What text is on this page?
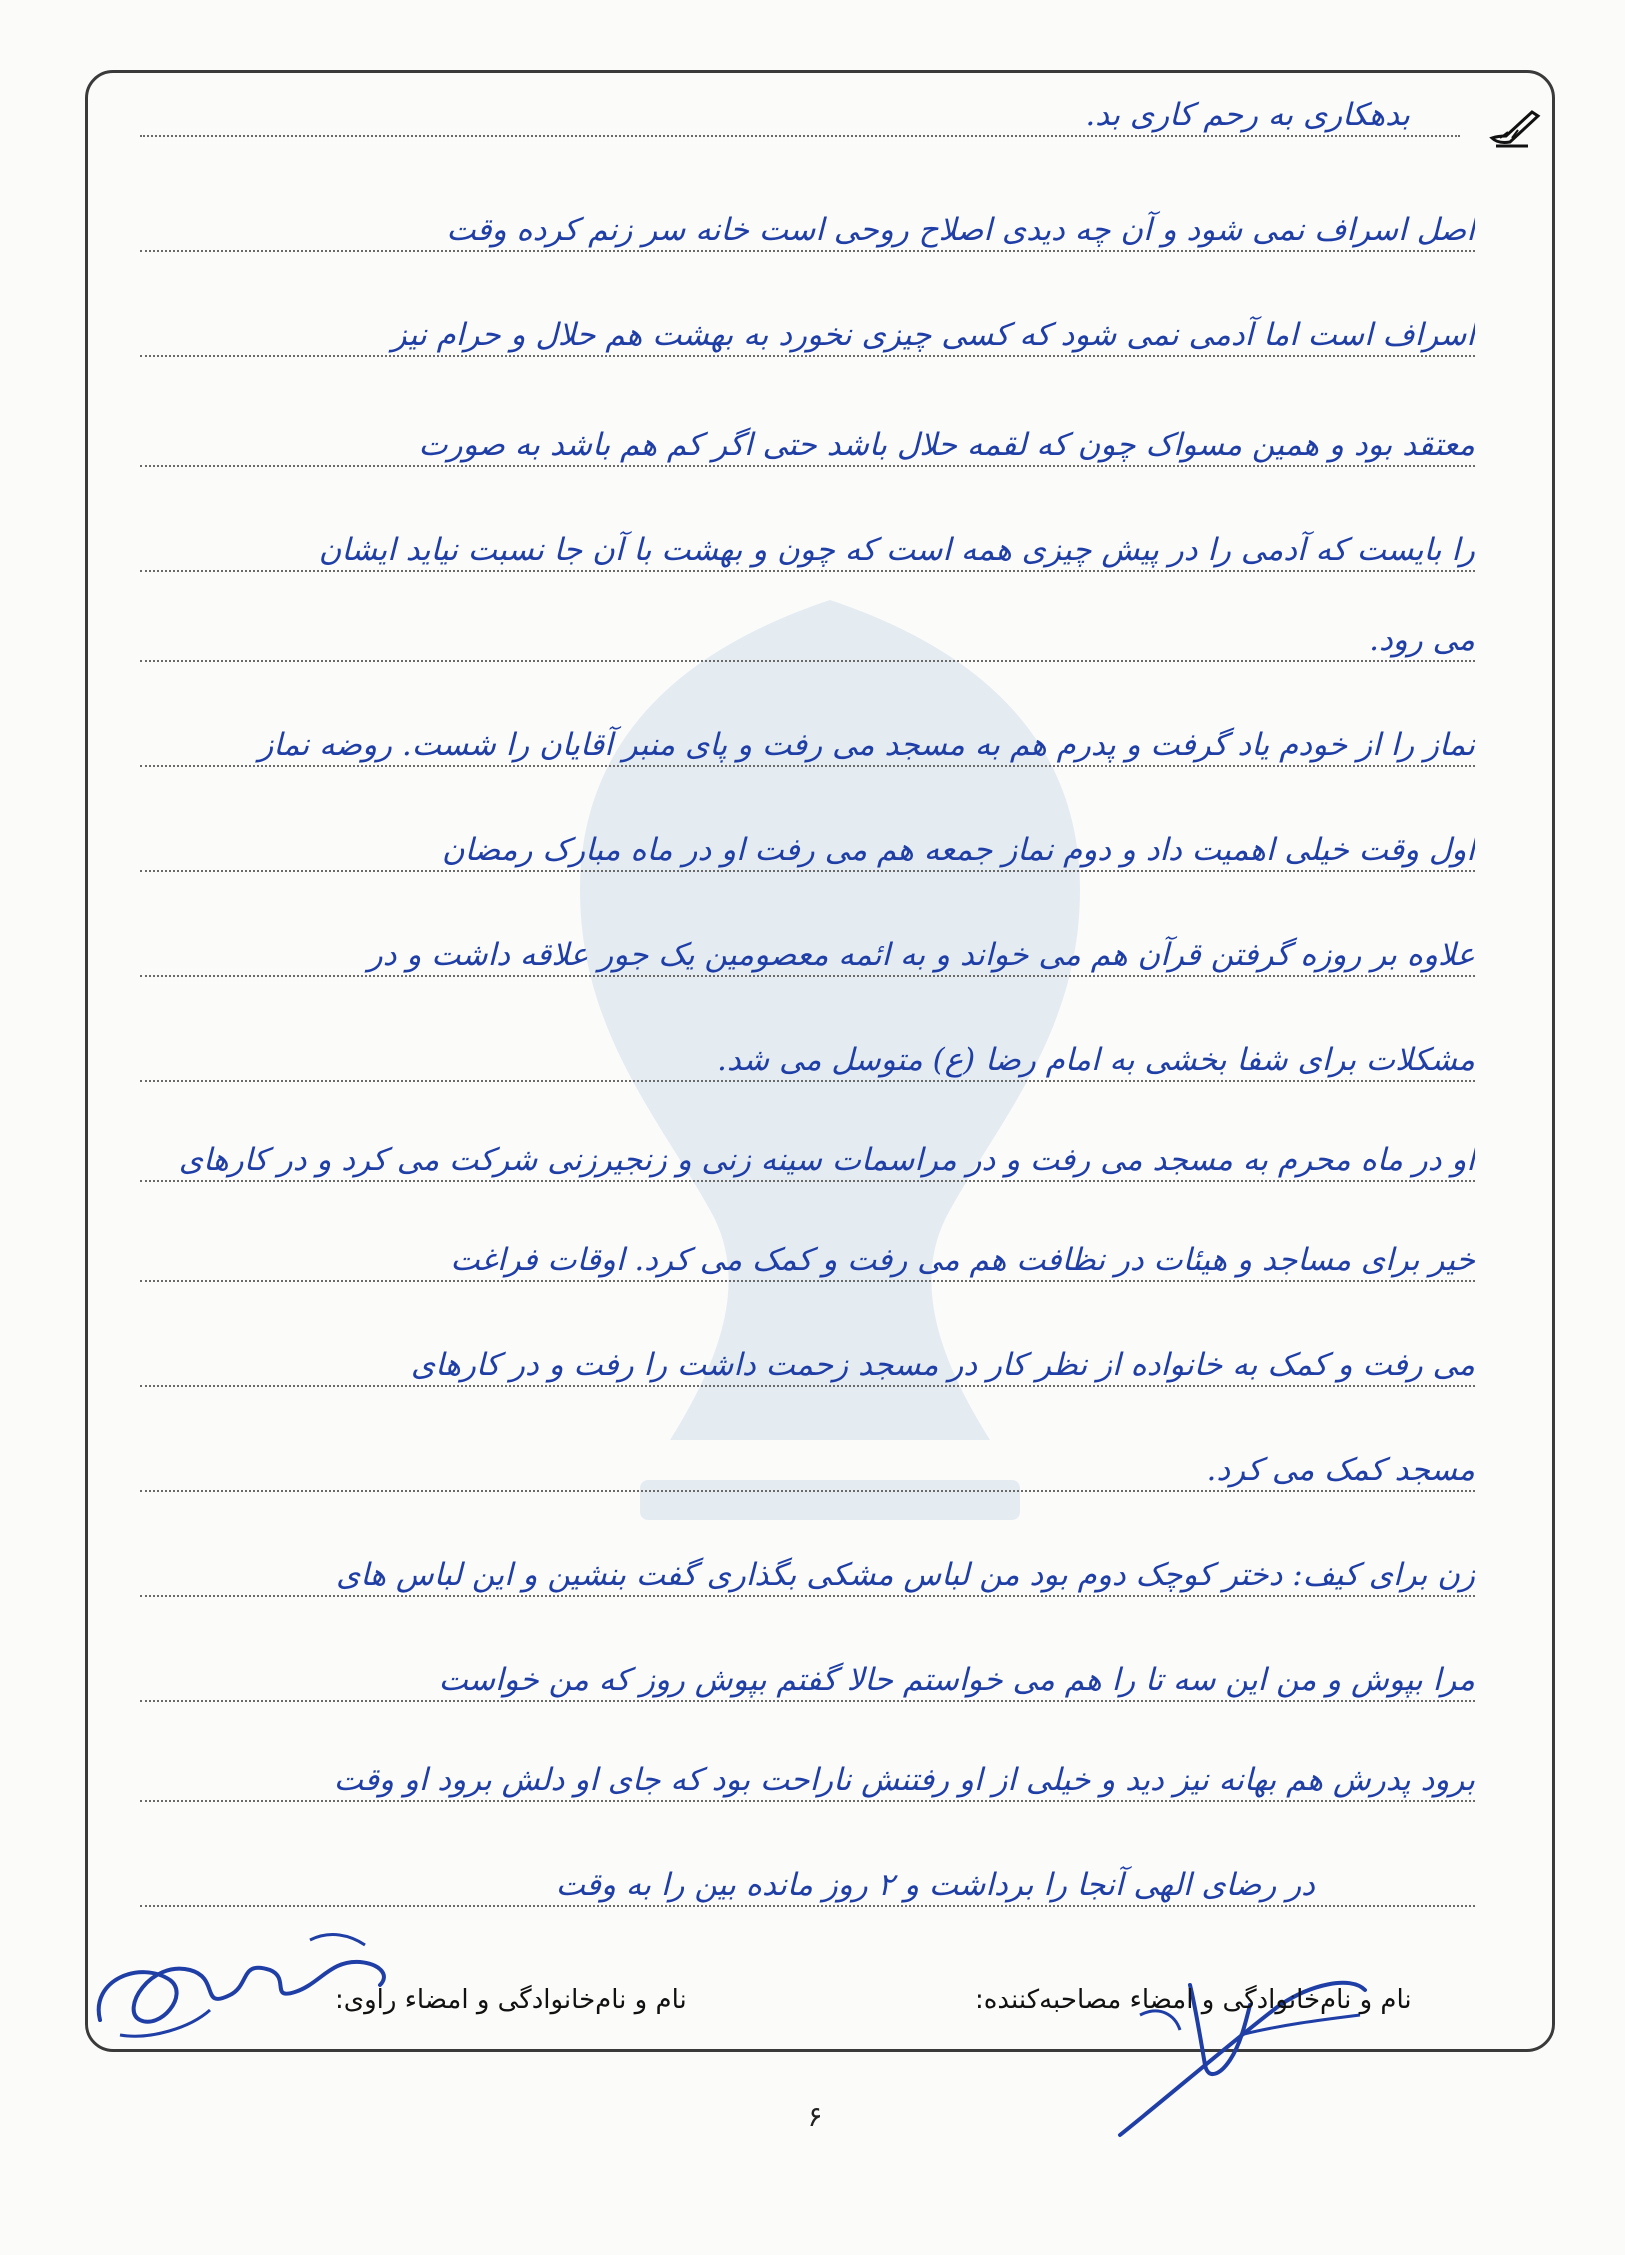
بدهکاری به رحم کاری بد.
اصل اسراف نمی شود و آن چه دیدی اصلاح روحی است خانه سر زنم کرده وقت
اسراف است اما آدمی نمی شود که کسی چیزی نخورد به بهشت هم حلال و حرام نیز
معتقد بود و همین مسواک چون که لقمه حلال باشد حتی اگر کم هم باشد به صورت
را بایست که آدمی را در پیش چیزی همه است که چون و بهشت با آن جا نسبت نیاید ایشان
می رود.
نماز را از خودم یاد گرفت و پدرم هم به مسجد می رفت و پای منبر آقایان را شست. روضه نماز
اول وقت خیلی اهمیت داد و دوم نماز جمعه هم می رفت او در ماه مبارک رمضان
علاوه بر روزه گرفتن قرآن هم می خواند و به ائمه معصومین یک جور علاقه داشت و در
مشکلات برای شفا بخشی به امام رضا (ع) متوسل می شد.
او در ماه محرم به مسجد می رفت و در مراسمات سینه زنی و زنجیرزنی شرکت می کرد و در کارهای
خیر برای مساجد و هیئات در نظافت هم می رفت و کمک می کرد. اوقات فراغت
می رفت و کمک به خانواده از نظر کار در مسجد زحمت داشت را رفت و در کارهای
مسجد کمک می کرد.
زن برای کیف: دختر کوچک دوم بود من لباس مشکی بگذاری گفت بنشین و این لباس های
مرا بپوش و من این سه تا را هم می خواستم حالا گفتم بپوش روز که من خواست
برود پدرش هم بهانه نیز دید و خیلی از او رفتنش ناراحت بود که جای او دلش برود او وقت
در رضای الهی آنجا را برداشت و ۲ روز مانده بین را به وقت
نام و نام‌خانوادگی و امضاء راوی:	نام و نام‌خانوادگی و امضاء مصاحبه‌کننده:
۶
